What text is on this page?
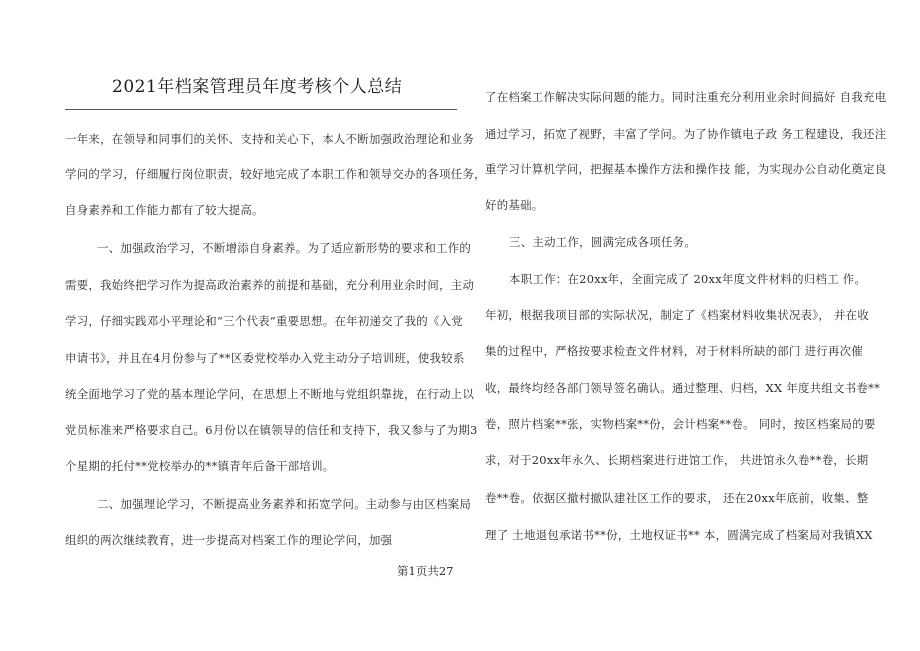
2021年档案管理员年度考核个人总结
一年来，在领导和同事们的关怀、支持和关心下，本人不断加强政治理论和业务
学问的学习，仔细履行岗位职责，较好地完成了本职工作和领导交办的各项任务，
自身素养和工作能力都有了较大提高。
一、加强政治学习，不断增添自身素养。为了适应新形势的要求和工作的
需要，我始终把学习作为提高政治素养的前提和基础，充分利用业余时间，主动
学习，仔细实践邓小平理论和“三个代表”重要思想。在年初递交了我的《入党
申请书》，并且在4月份参与了**区委党校举办入党主动分子培训班，使我较系
统全面地学习了党的基本理论学问，在思想上不断地与党组织靠拢，在行动上以
党员标准来严格要求自己。6月份以在镇领导的信任和支持下，我又参与了为期3
个星期的托付**党校举办的**镇青年后备干部培训。
二、加强理论学习，不断提高业务素养和拓宽学问。主动参与由区档案局
组织的两次继续教育，进一步提高对档案工作的理论学问，加强
了在档案工作解决实际问题的能力。同时注重充分利用业余时间搞好 自我充电
通过学习，拓宽了视野，丰富了学问。为了协作镇电子政 务工程建设，我还注
重学习计算机学问，把握基本操作方法和操作技 能，为实现办公自动化奠定良
好的基础。
三、主动工作，圆满完成各项任务。
本职工作：在20xx年，全面完成了 20xx年度文件材料的归档工 作。
年初，根据我项目部的实际状况，制定了《档案材料收集状况表》， 并在收
集的过程中，严格按要求检查文件材料，对于材料所缺的部门 进行再次催
收，最终均经各部门领导签名确认。通过整理、归档，XX 年度共组文书卷**
卷，照片档案**张，实物档案**份，会计档案**卷。 同时，按区档案局的要
求，对于20xx年永久、长期档案进行进馆工作， 共进馆永久卷**卷，长期
卷**卷。依据区撤村撤队建社区工作的要求， 还在20xx年底前，收集、整
理了 土地退包承诺书**份，土地权证书** 本，圆满完成了档案局对我镇XX
第1页共27
